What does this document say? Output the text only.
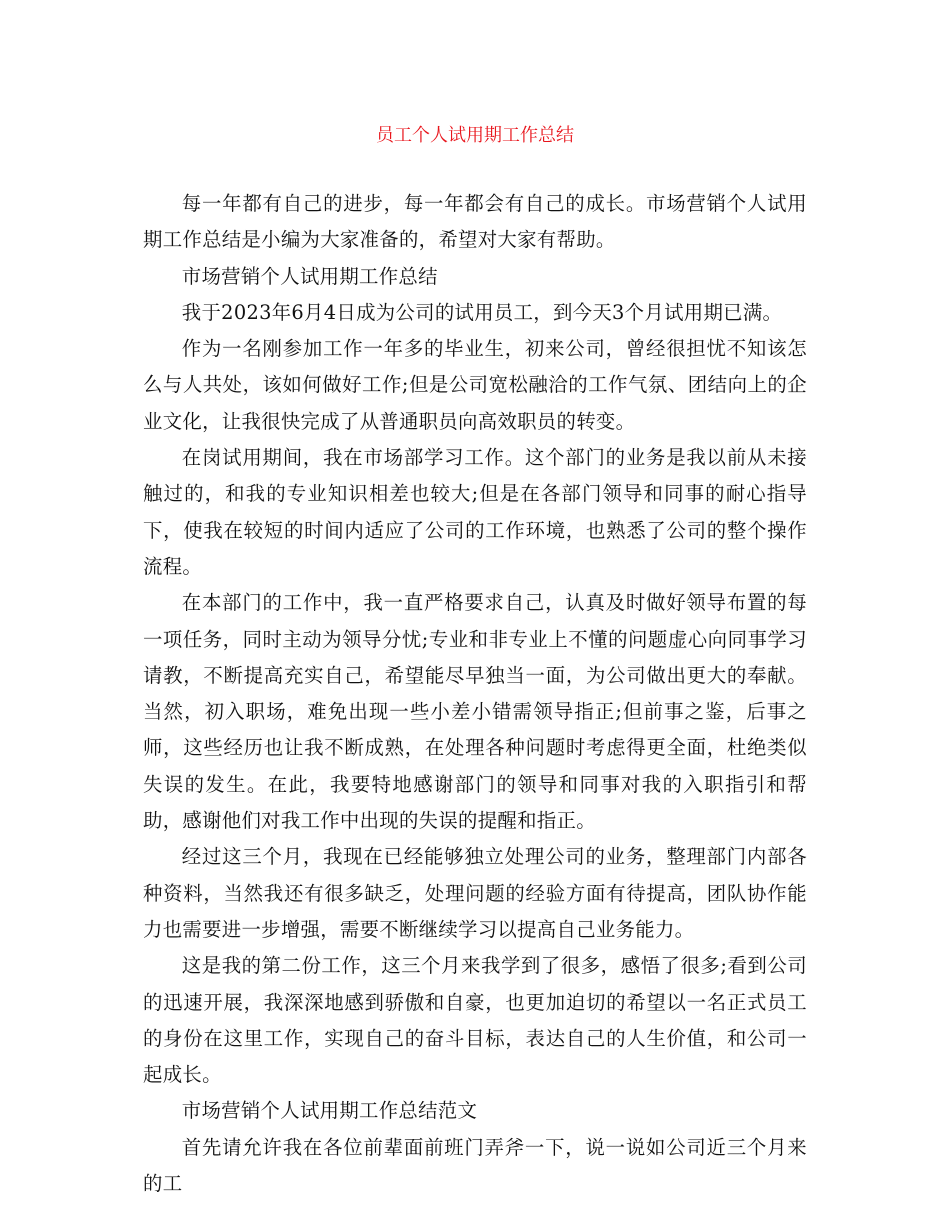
员工个人试用期工作总结

每一年都有自己的进步，每一年都会有自己的成长。市场营销个人试用期工作总结是小编为大家准备的，希望对大家有帮助。

市场营销个人试用期工作总结

我于2023年6月4日成为公司的试用员工，到今天3个月试用期已满。

作为一名刚参加工作一年多的毕业生，初来公司，曾经很担忧不知该怎么与人共处，该如何做好工作;但是公司宽松融洽的工作气氛、团结向上的企业文化，让我很快完成了从普通职员向高效职员的转变。

在岗试用期间，我在市场部学习工作。这个部门的业务是我以前从未接触过的，和我的专业知识相差也较大;但是在各部门领导和同事的耐心指导下，使我在较短的时间内适应了公司的工作环境，也熟悉了公司的整个操作流程。

在本部门的工作中，我一直严格要求自己，认真及时做好领导布置的每一项任务，同时主动为领导分忧;专业和非专业上不懂的问题虚心向同事学习请教，不断提高充实自己，希望能尽早独当一面，为公司做出更大的奉献。当然，初入职场，难免出现一些小差小错需领导指正;但前事之鉴，后事之师，这些经历也让我不断成熟，在处理各种问题时考虑得更全面，杜绝类似失误的发生。在此，我要特地感谢部门的领导和同事对我的入职指引和帮助，感谢他们对我工作中出现的失误的提醒和指正。

经过这三个月，我现在已经能够独立处理公司的业务，整理部门内部各种资料，当然我还有很多缺乏，处理问题的经验方面有待提高，团队协作能力也需要进一步增强，需要不断继续学习以提高自己业务能力。

这是我的第二份工作，这三个月来我学到了很多，感悟了很多;看到公司的迅速开展，我深深地感到骄傲和自豪，也更加迫切的希望以一名正式员工的身份在这里工作，实现自己的奋斗目标，表达自己的人生价值，和公司一起成长。

市场营销个人试用期工作总结范文

首先请允许我在各位前辈面前班门弄斧一下，说一说如公司近三个月来的工
